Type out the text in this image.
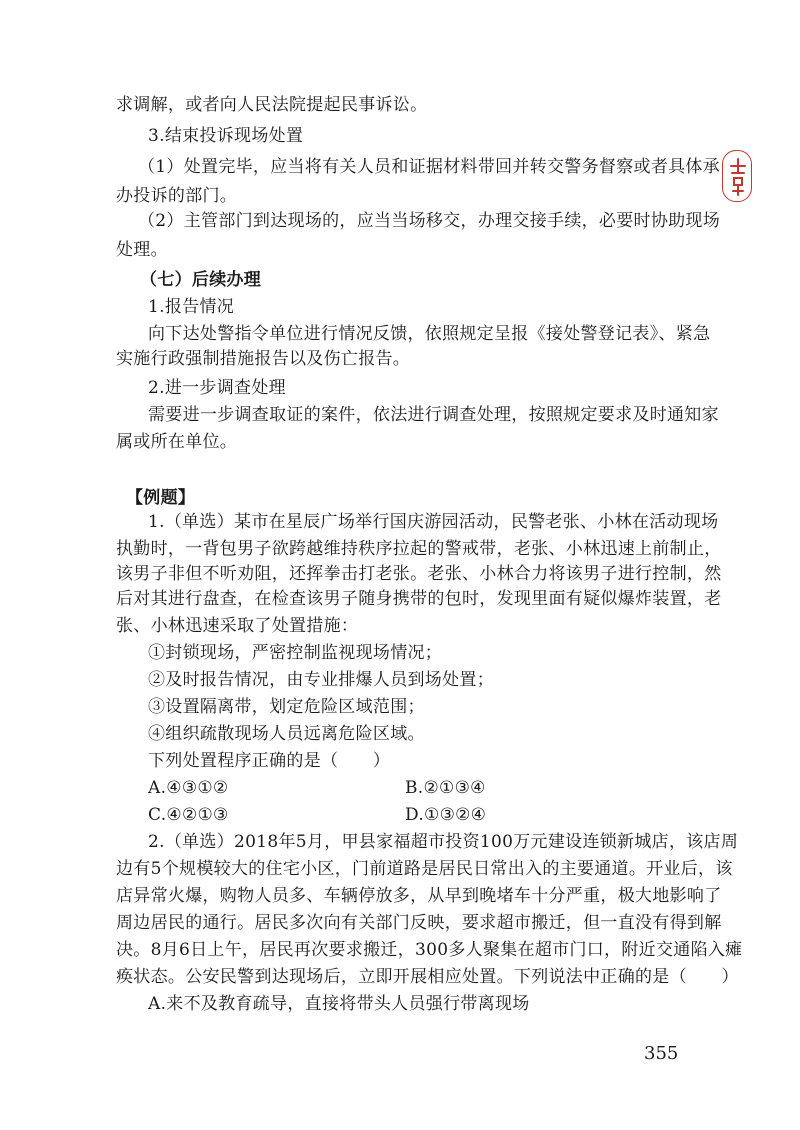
求调解，或者向人民法院提起民事诉讼。
3.结束投诉现场处置
（1）处置完毕，应当将有关人员和证据材料带回并转交警务督察或者具体承
办投诉的部门。
（2）主管部门到达现场的，应当当场移交，办理交接手续，必要时协助现场
处理。
（七）后续办理
1.报告情况
向下达处警指令单位进行情况反馈，依照规定呈报《接处警登记表》、紧急
实施行政强制措施报告以及伤亡报告。
2.进一步调查处理
需要进一步调查取证的案件，依法进行调查处理，按照规定要求及时通知家
属或所在单位。
【例题】
1.（单选）某市在星辰广场举行国庆游园活动，民警老张、小林在活动现场
执勤时，一背包男子欲跨越维持秩序拉起的警戒带，老张、小林迅速上前制止，
该男子非但不听劝阻，还挥拳击打老张。老张、小林合力将该男子进行控制，然
后对其进行盘查，在检查该男子随身携带的包时，发现里面有疑似爆炸装置，老
张、小林迅速采取了处置措施：
①封锁现场，严密控制监视现场情况；
②及时报告情况，由专业排爆人员到场处置；
③设置隔离带，划定危险区域范围；
④组织疏散现场人员远离危险区域。
下列处置程序正确的是（　　）
A.④③①②	B.②①③④
C.④②①③	D.①③②④
2.（单选）2018年5月，甲县家福超市投资100万元建设连锁新城店，该店周
边有5个规模较大的住宅小区，门前道路是居民日常出入的主要通道。开业后，该
店异常火爆，购物人员多、车辆停放多，从早到晚堵车十分严重，极大地影响了
周边居民的通行。居民多次向有关部门反映，要求超市搬迁，但一直没有得到解
决。8月6日上午，居民再次要求搬迁，300多人聚集在超市门口，附近交通陷入瘫
痪状态。公安民警到达现场后，立即开展相应处置。下列说法中正确的是（　　）
A.来不及教育疏导，直接将带头人员强行带离现场
355
